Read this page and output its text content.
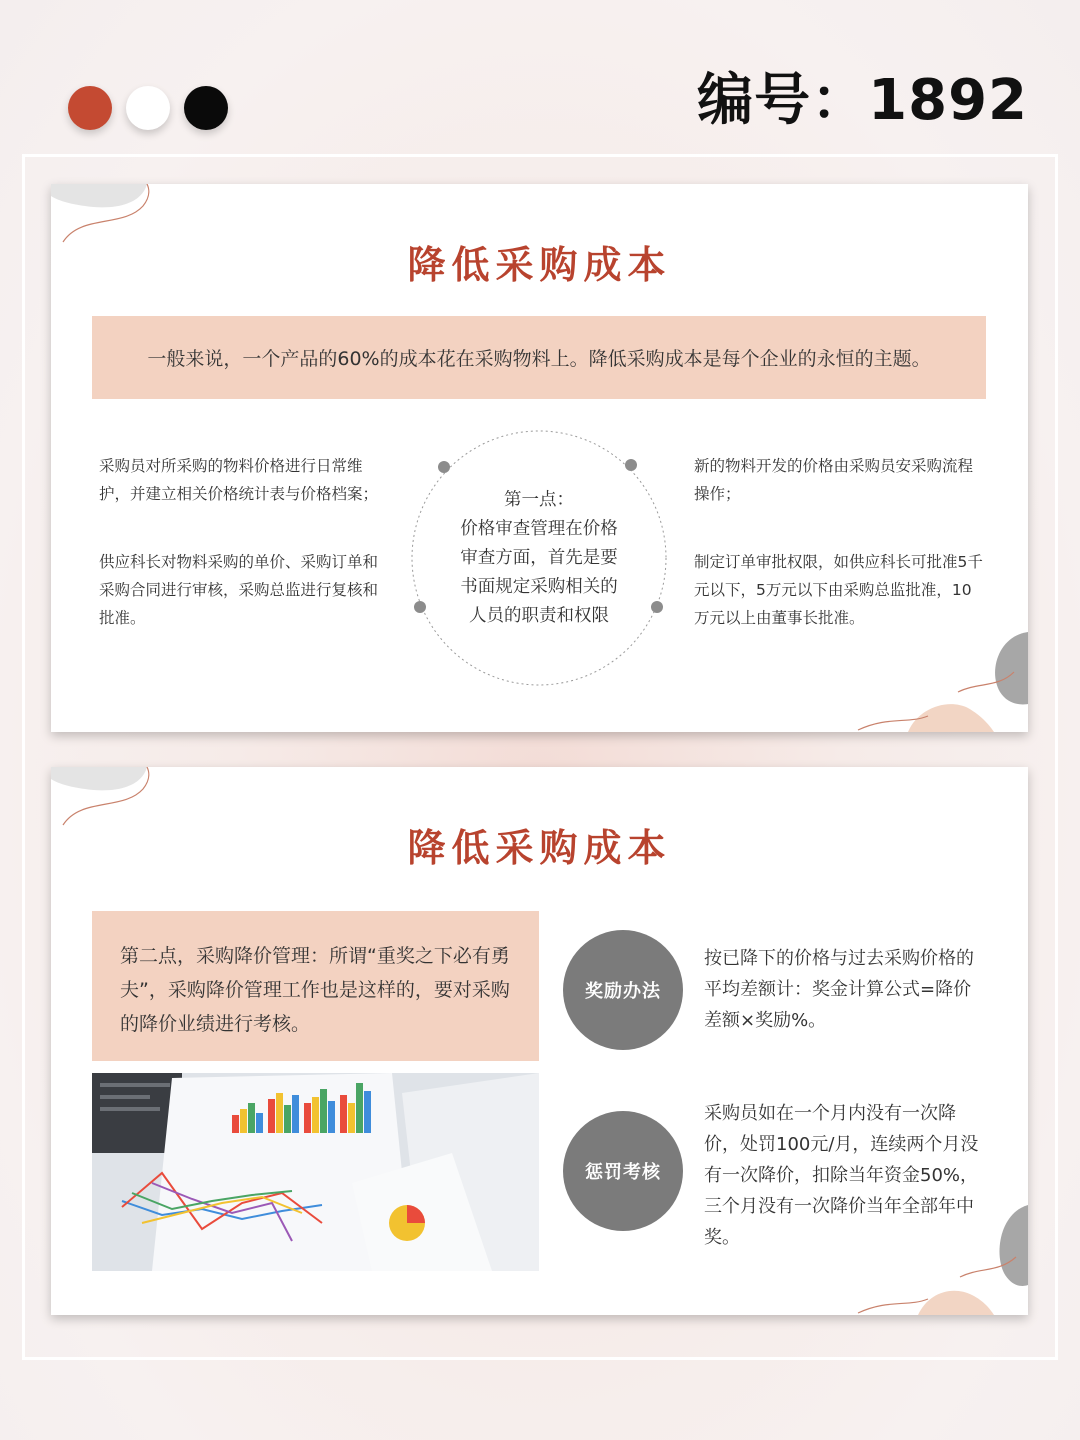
编号：1892
降低采购成本
一般来说，一个产品的60%的成本花在采购物料上。降低采购成本是每个企业的永恒的主题。
采购员对所采购的物料价格进行日常维护，并建立相关价格统计表与价格档案；
供应科长对物料采购的单价、采购订单和采购合同进行审核，采购总监进行复核和批准。
第一点：
价格审查管理在价格审查方面，首先是要书面规定采购相关的人员的职责和权限
新的物料开发的价格由采购员安采购流程操作；
制定订单审批权限，如供应科长可批准5千元以下，5万元以下由采购总监批准，10万元以上由董事长批准。
降低采购成本
第二点，采购降价管理：所谓“重奖之下必有勇夫”，采购降价管理工作也是这样的，要对采购的降价业绩进行考核。
奖励办法
按已降下的价格与过去采购价格的平均差额计：奖金计算公式=降价差额×奖励%。
惩罚考核
采购员如在一个月内没有一次降价，处罚100元/月，连续两个月没有一次降价，扣除当年资金50%，三个月没有一次降价当年全部年中奖。
